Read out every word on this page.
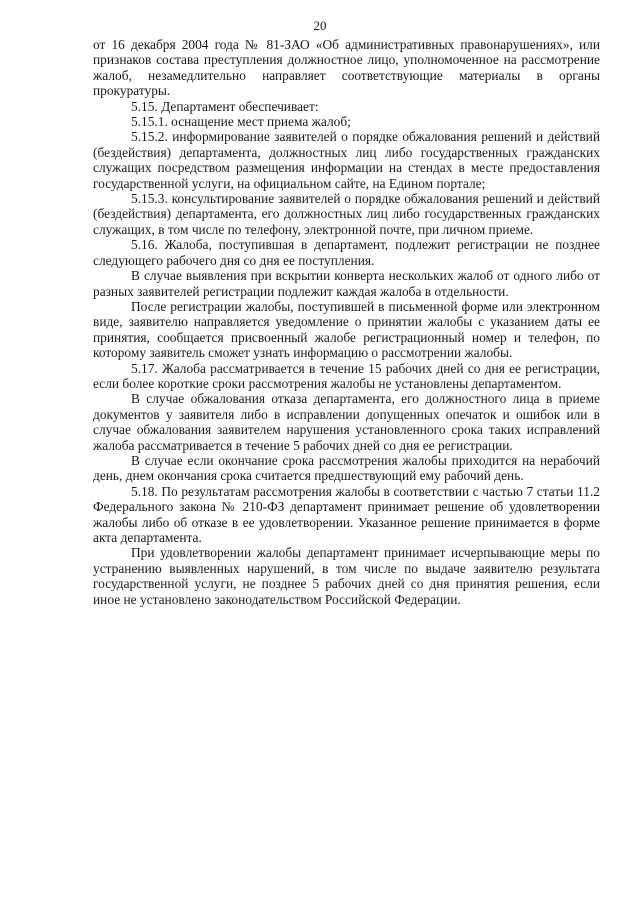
20

от 16 декабря 2004 года № 81-ЗАО «Об административных правонарушениях», или признаков состава преступления должностное лицо, уполномоченное на рассмотрение жалоб, незамедлительно направляет соответствующие материалы в органы прокуратуры.

5.15. Департамент обеспечивает:

5.15.1. оснащение мест приема жалоб;

5.15.2. информирование заявителей о порядке обжалования решений и действий (бездействия) департамента, должностных лиц либо государственных гражданских служащих посредством размещения информации на стендах в месте предоставления государственной услуги, на официальном сайте, на Едином портале;

5.15.3. консультирование заявителей о порядке обжалования решений и действий (бездействия) департамента, его должностных лиц либо государственных гражданских служащих, в том числе по телефону, электронной почте, при личном приеме.

5.16. Жалоба, поступившая в департамент, подлежит регистрации не позднее следующего рабочего дня со дня ее поступления.

В случае выявления при вскрытии конверта нескольких жалоб от одного либо от разных заявителей регистрации подлежит каждая жалоба в отдельности.

После регистрации жалобы, поступившей в письменной форме или электронном виде, заявителю направляется уведомление о принятии жалобы с указанием даты ее принятия, сообщается присвоенный жалобе регистрационный номер и телефон, по которому заявитель сможет узнать информацию о рассмотрении жалобы.

5.17. Жалоба рассматривается в течение 15 рабочих дней со дня ее регистрации, если более короткие сроки рассмотрения жалобы не установлены департаментом.

В случае обжалования отказа департамента, его должностного лица в приеме документов у заявителя либо в исправлении допущенных опечаток и ошибок или в случае обжалования заявителем нарушения установленного срока таких исправлений жалоба рассматривается в течение 5 рабочих дней со дня ее регистрации.

В случае если окончание срока рассмотрения жалобы приходится на нерабочий день, днем окончания срока считается предшествующий ему рабочий день.

5.18. По результатам рассмотрения жалобы в соответствии с частью 7 статьи 11.2 Федерального закона № 210-ФЗ департамент принимает решение об удовлетворении жалобы либо об отказе в ее удовлетворении. Указанное решение принимается в форме акта департамента.

При удовлетворении жалобы департамент принимает исчерпывающие меры по устранению выявленных нарушений, в том числе по выдаче заявителю результата государственной услуги, не позднее 5 рабочих дней со дня принятия решения, если иное не установлено законодательством Российской Федерации.
